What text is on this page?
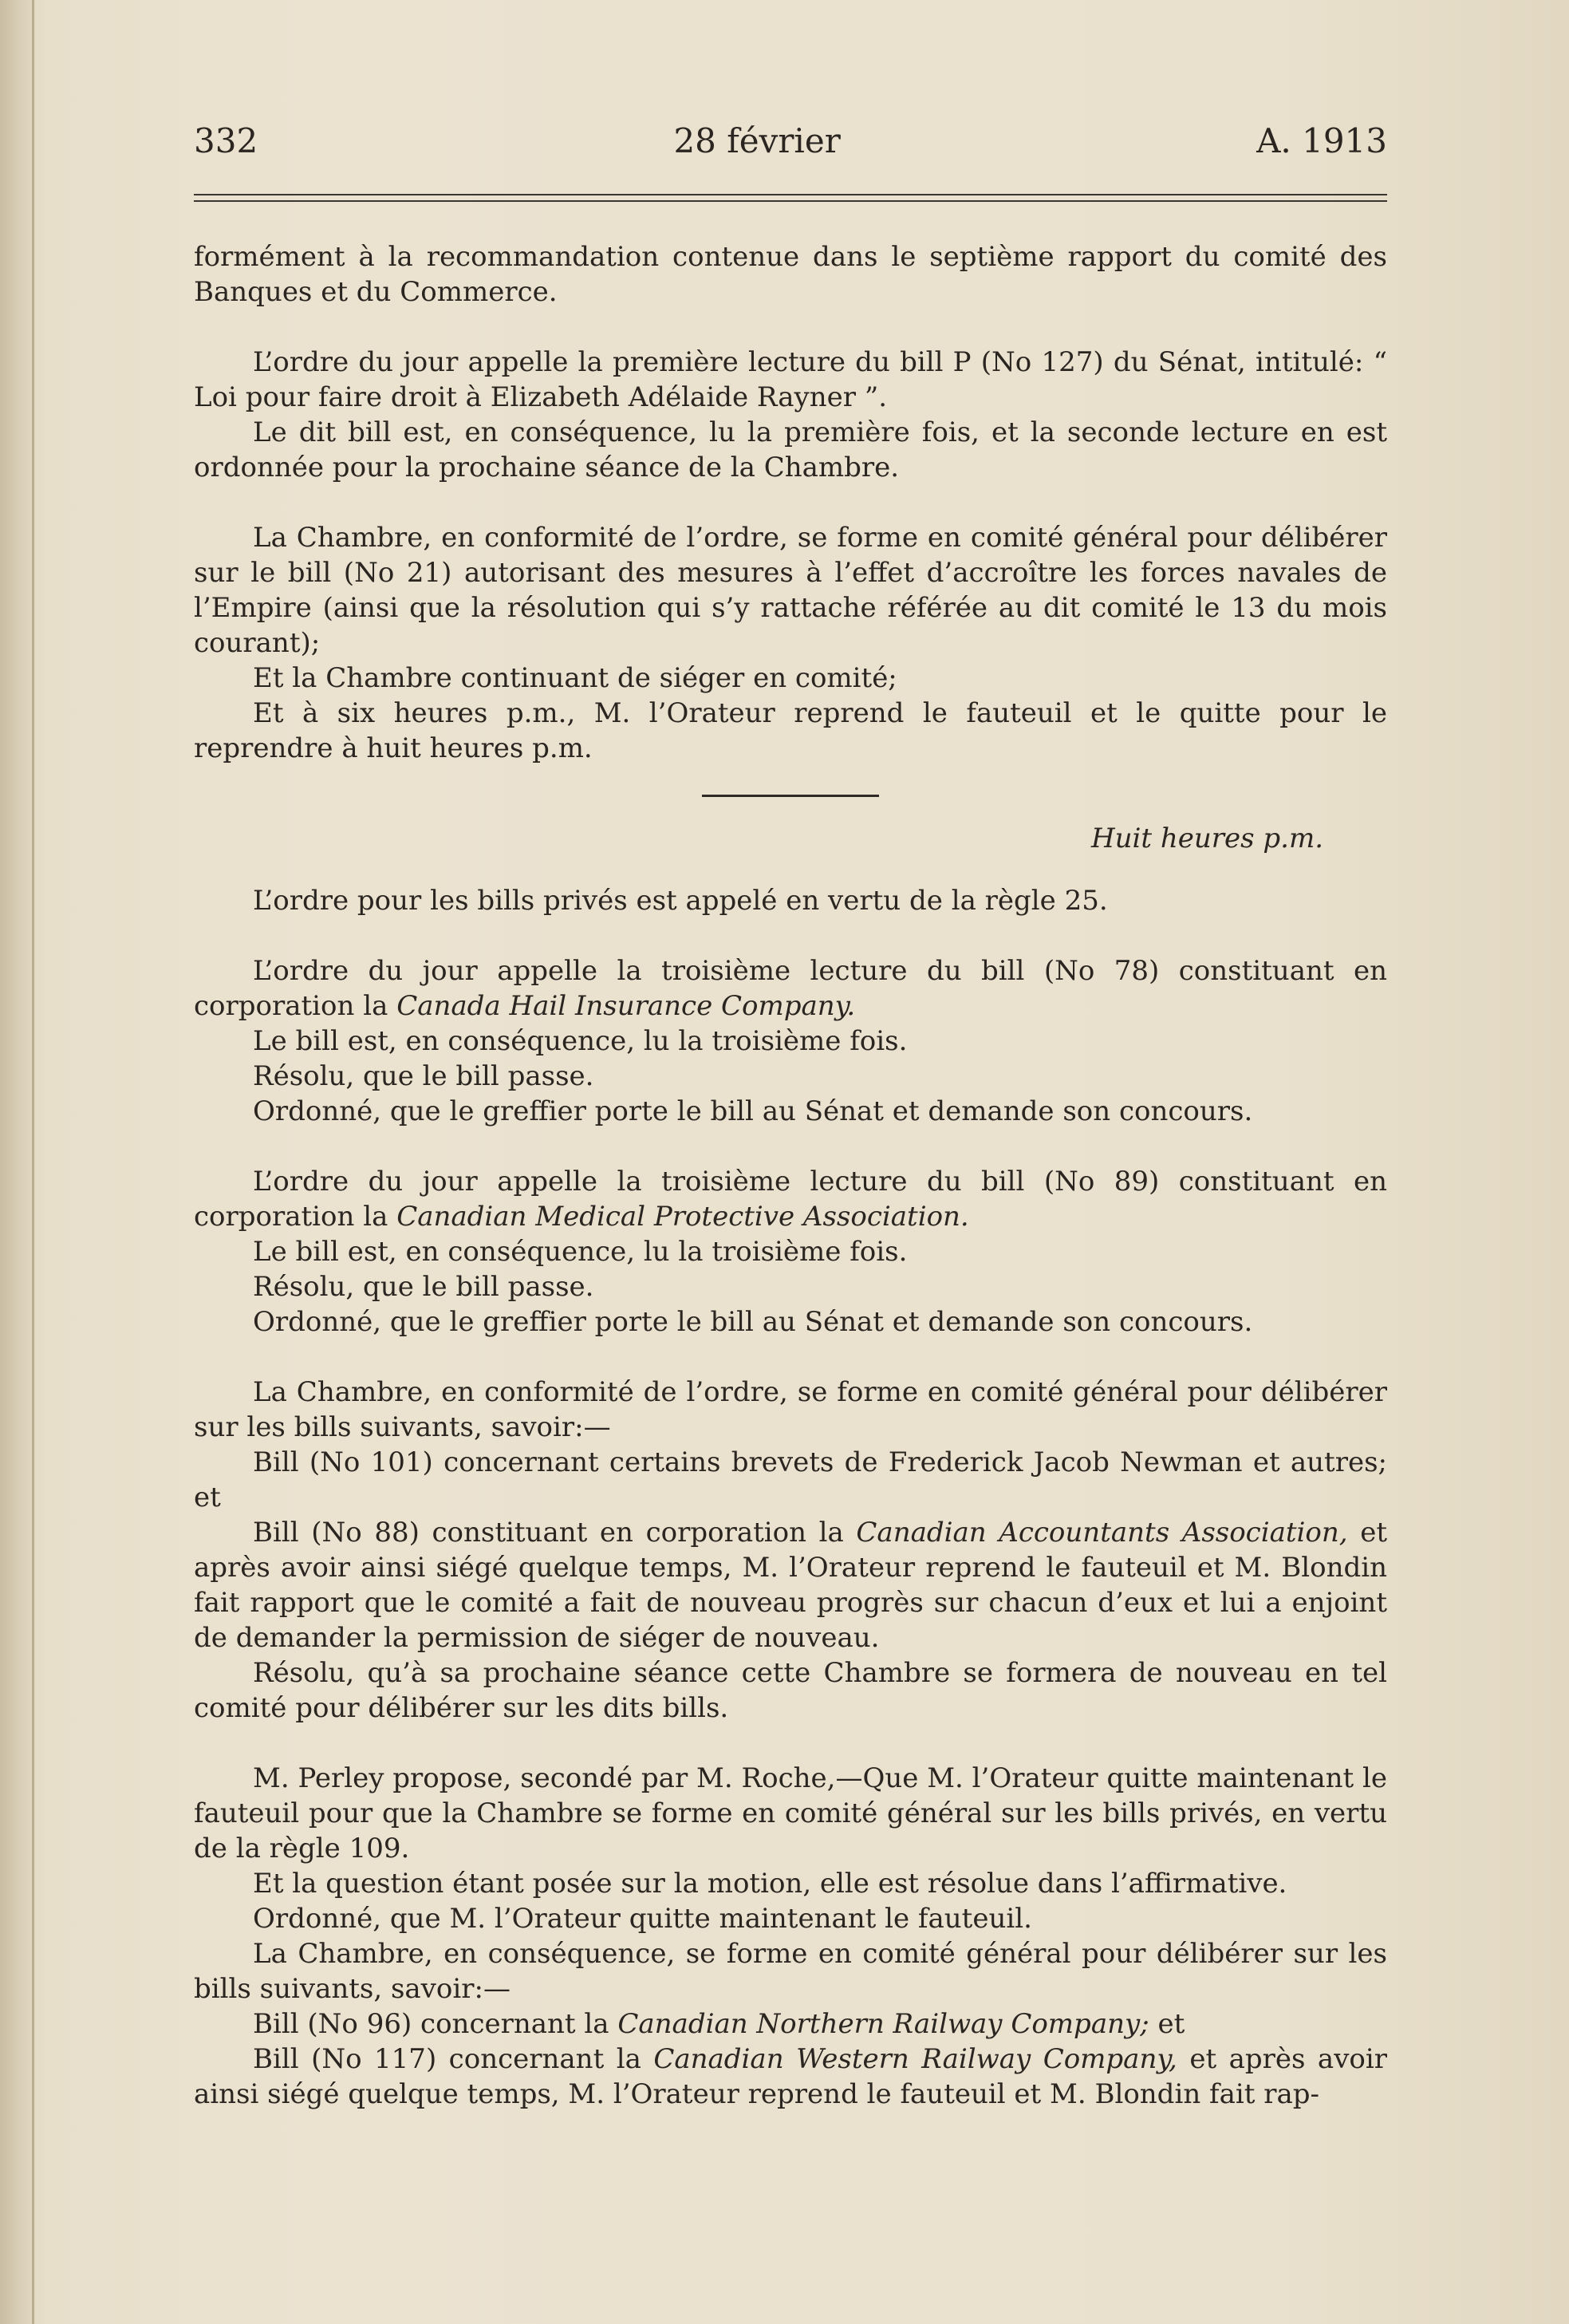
332	28 février	A. 1913

formément à la recommandation contenue dans le septième rapport du comité des Banques et du Commerce.

L’ordre du jour appelle la première lecture du bill P (No 127) du Sénat, intitulé: “ Loi pour faire droit à Elizabeth Adélaide Rayner ”.

Le dit bill est, en conséquence, lu la première fois, et la seconde lecture en est ordonnée pour la prochaine séance de la Chambre.

La Chambre, en conformité de l’ordre, se forme en comité général pour délibérer sur le bill (No 21) autorisant des mesures à l’effet d’accroître les forces navales de l’Empire (ainsi que la résolution qui s’y rattache référée au dit comité le 13 du mois courant);

Et la Chambre continuant de siéger en comité;

Et à six heures p.m., M. l’Orateur reprend le fauteuil et le quitte pour le reprendre à huit heures p.m.

Huit heures p.m.

L’ordre pour les bills privés est appelé en vertu de la règle 25.

L’ordre du jour appelle la troisième lecture du bill (No 78) constituant en corporation la Canada Hail Insurance Company.

Le bill est, en conséquence, lu la troisième fois.

Résolu, que le bill passe.

Ordonné, que le greffier porte le bill au Sénat et demande son concours.

L’ordre du jour appelle la troisième lecture du bill (No 89) constituant en corporation la Canadian Medical Protective Association.

Le bill est, en conséquence, lu la troisième fois.

Résolu, que le bill passe.

Ordonné, que le greffier porte le bill au Sénat et demande son concours.

La Chambre, en conformité de l’ordre, se forme en comité général pour délibérer sur les bills suivants, savoir:—

Bill (No 101) concernant certains brevets de Frederick Jacob Newman et autres; et

Bill (No 88) constituant en corporation la Canadian Accountants Association, et après avoir ainsi siégé quelque temps, M. l’Orateur reprend le fauteuil et M. Blondin fait rapport que le comité a fait de nouveau progrès sur chacun d’eux et lui a enjoint de demander la permission de siéger de nouveau.

Résolu, qu’à sa prochaine séance cette Chambre se formera de nouveau en tel comité pour délibérer sur les dits bills.

M. Perley propose, secondé par M. Roche,—Que M. l’Orateur quitte maintenant le fauteuil pour que la Chambre se forme en comité général sur les bills privés, en vertu de la règle 109.

Et la question étant posée sur la motion, elle est résolue dans l’affirmative.

Ordonné, que M. l’Orateur quitte maintenant le fauteuil.

La Chambre, en conséquence, se forme en comité général pour délibérer sur les bills suivants, savoir:—

Bill (No 96) concernant la Canadian Northern Railway Company; et

Bill (No 117) concernant la Canadian Western Railway Company, et après avoir ainsi siégé quelque temps, M. l’Orateur reprend le fauteuil et M. Blondin fait rap-
